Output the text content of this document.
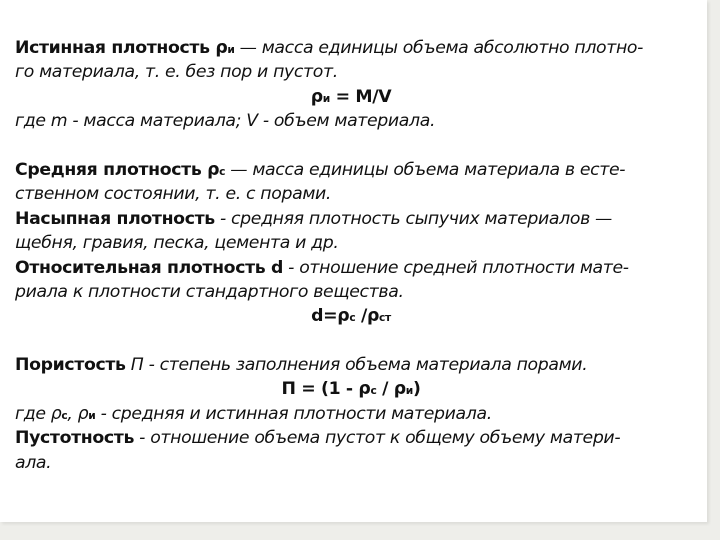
Истинная плотность ρи — масса единицы объема абсолютно плотно-
го материала, т. е. без пор и пустот.
ρи = M/V
где m - масса материала; V - объем материала.
Средняя плотность ρc — масса единицы объема материала в есте-
ственном состоянии, т. е. с порами.
Насыпная плотность - средняя плотность сыпучих материалов —
щебня, гравия, песка, цемента и др.
Относительная плотность d - отношение средней плотности мате-
риала к плотности стандартного вещества.
d=ρc /ρст
Пористость П - степень заполнения объема материала порами.
П = (1 - ρc / ρи)
где ρc, ρи - средняя и истинная плотности материала.
Пустотность - отношение объема пустот к общему объему матери-
ала.
